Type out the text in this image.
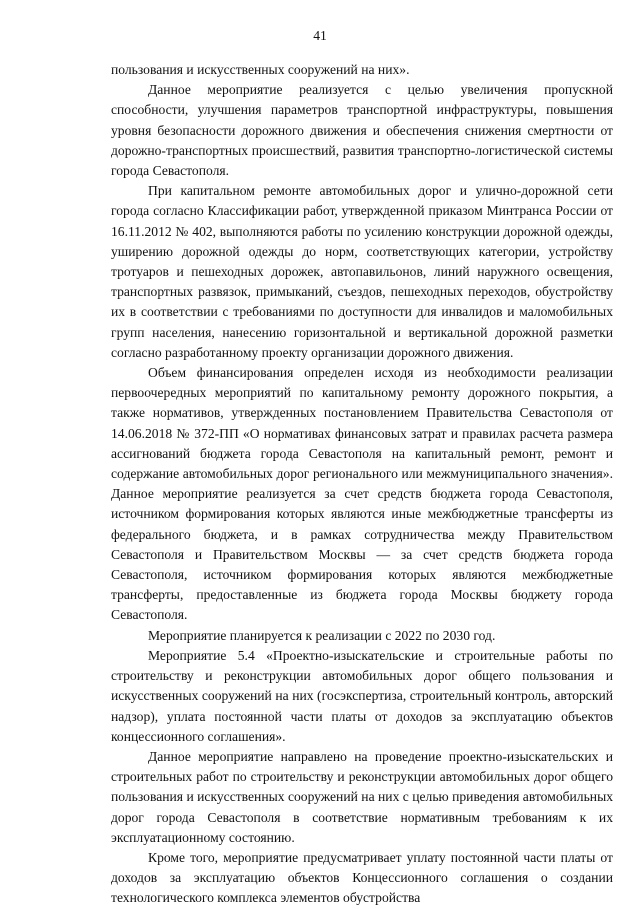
41

пользования и искусственных сооружений на них».

Данное мероприятие реализуется с целью увеличения пропускной способности, улучшения параметров транспортной инфраструктуры, повышения уровня безопасности дорожного движения и обеспечения снижения смертности от дорожно-транспортных происшествий, развития транспортно-логистической системы города Севастополя.

При капитальном ремонте автомобильных дорог и улично-дорожной сети города согласно Классификации работ, утвержденной приказом Минтранса России от 16.11.2012 № 402, выполняются работы по усилению конструкции дорожной одежды, уширению дорожной одежды до норм, соответствующих категории, устройству тротуаров и пешеходных дорожек, автопавильонов, линий наружного освещения, транспортных развязок, примыканий, съездов, пешеходных переходов, обустройству их в соответствии с требованиями по доступности для инвалидов и маломобильных групп населения, нанесению горизонтальной и вертикальной дорожной разметки согласно разработанному проекту организации дорожного движения.

Объем финансирования определен исходя из необходимости реализации первоочередных мероприятий по капитальному ремонту дорожного покрытия, а также нормативов, утвержденных постановлением Правительства Севастополя от 14.06.2018 № 372-ПП «О нормативах финансовых затрат и правилах расчета размера ассигнований бюджета города Севастополя на капитальный ремонт, ремонт и содержание автомобильных дорог регионального или межмуниципального значения». Данное мероприятие реализуется за счет средств бюджета города Севастополя, источником формирования которых являются иные межбюджетные трансферты из федерального бюджета, и в рамках сотрудничества между Правительством Севастополя и Правительством Москвы — за счет средств бюджета города Севастополя, источником формирования которых являются межбюджетные трансферты, предоставленные из бюджета города Москвы бюджету города Севастополя.

Мероприятие планируется к реализации с 2022 по 2030 год.

Мероприятие 5.4 «Проектно-изыскательские и строительные работы по строительству и реконструкции автомобильных дорог общего пользования и искусственных сооружений на них (госэкспертиза, строительный контроль, авторский надзор), уплата постоянной части платы от доходов за эксплуатацию объектов концессионного соглашения».

Данное мероприятие направлено на проведение проектно-изыскательских и строительных работ по строительству и реконструкции автомобильных дорог общего пользования и искусственных сооружений на них с целью приведения автомобильных дорог города Севастополя в соответствие нормативным требованиям к их эксплуатационному состоянию.

Кроме того, мероприятие предусматривает уплату постоянной части платы от доходов за эксплуатацию объектов Концессионного соглашения о создании технологического комплекса элементов обустройства
